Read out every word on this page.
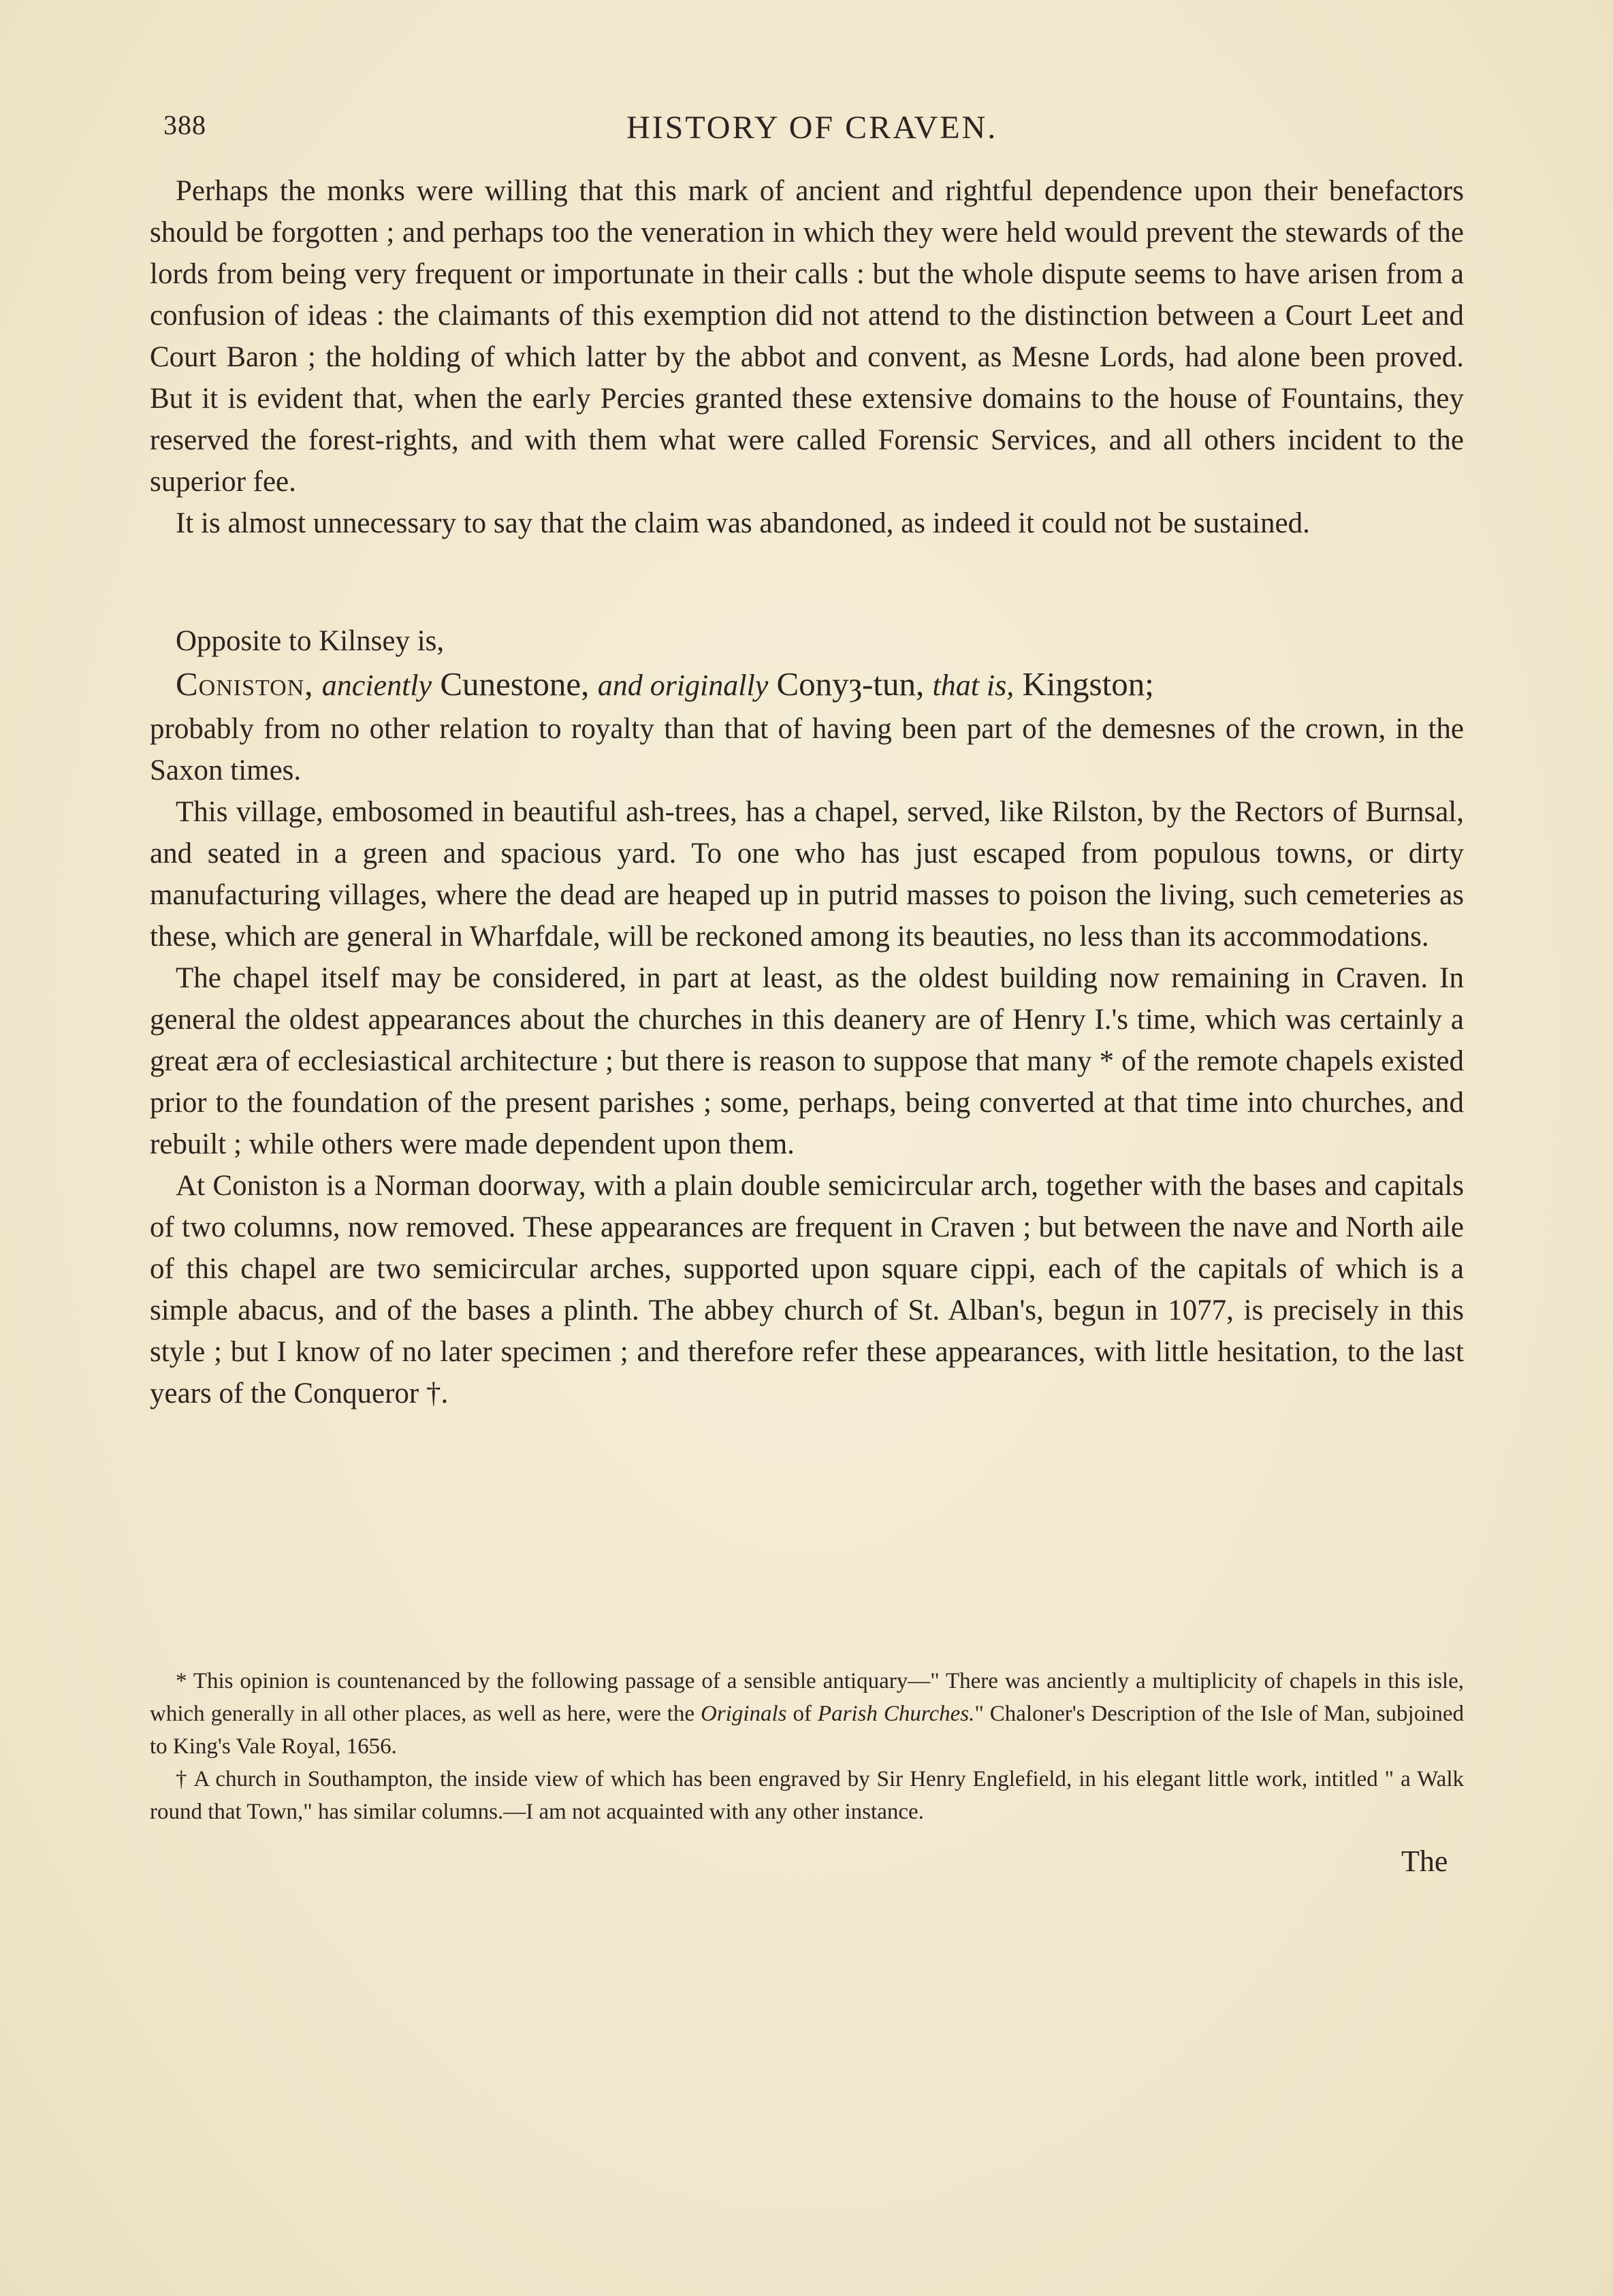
388	HISTORY OF CRAVEN.

Perhaps the monks were willing that this mark of ancient and rightful dependence upon their benefactors should be forgotten ; and perhaps too the veneration in which they were held would prevent the stewards of the lords from being very frequent or importunate in their calls : but the whole dispute seems to have arisen from a confusion of ideas : the claimants of this exemption did not attend to the distinction between a Court Leet and Court Baron ; the holding of which latter by the abbot and convent, as Mesne Lords, had alone been proved. But it is evident that, when the early Percies granted these extensive domains to the house of Fountains, they reserved the forest-rights, and with them what were called Forensic Services, and all others incident to the superior fee.

It is almost unnecessary to say that the claim was abandoned, as indeed it could not be sustained.

Opposite to Kilnsey is,

Coniston, anciently Cunestone, and originally Conyȝ-tun, that is, Kingston;

probably from no other relation to royalty than that of having been part of the demesnes of the crown, in the Saxon times.

This village, embosomed in beautiful ash-trees, has a chapel, served, like Rilston, by the Rectors of Burnsal, and seated in a green and spacious yard. To one who has just escaped from populous towns, or dirty manufacturing villages, where the dead are heaped up in putrid masses to poison the living, such cemeteries as these, which are general in Wharfdale, will be reckoned among its beauties, no less than its accommodations.

The chapel itself may be considered, in part at least, as the oldest building now remaining in Craven. In general the oldest appearances about the churches in this deanery are of Henry I.'s time, which was certainly a great æra of ecclesiastical architecture ; but there is reason to suppose that many * of the remote chapels existed prior to the foundation of the present parishes ; some, perhaps, being converted at that time into churches, and rebuilt ; while others were made dependent upon them.

At Coniston is a Norman doorway, with a plain double semicircular arch, together with the bases and capitals of two columns, now removed. These appearances are frequent in Craven ; but between the nave and North aile of this chapel are two semicircular arches, supported upon square cippi, each of the capitals of which is a simple abacus, and of the bases a plinth. The abbey church of St. Alban's, begun in 1077, is precisely in this style ; but I know of no later specimen ; and therefore refer these appearances, with little hesitation, to the last years of the Conqueror †.

* This opinion is countenanced by the following passage of a sensible antiquary—" There was anciently a multiplicity of chapels in this isle, which generally in all other places, as well as here, were the Originals of Parish Churches." Chaloner's Description of the Isle of Man, subjoined to King's Vale Royal, 1656.

† A church in Southampton, the inside view of which has been engraved by Sir Henry Englefield, in his elegant little work, intitled " a Walk round that Town," has similar columns.—I am not acquainted with any other instance.

The
